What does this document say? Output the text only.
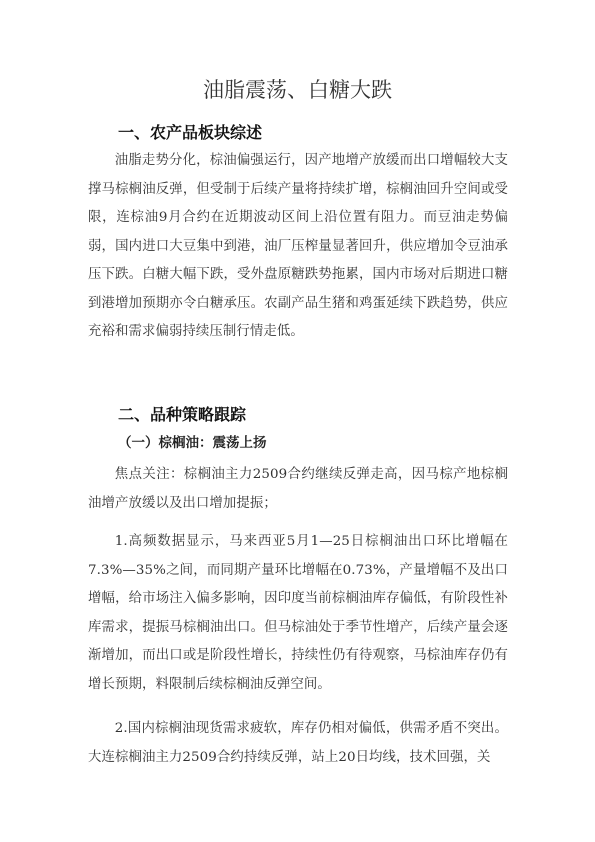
油脂震荡、白糖大跌
一、农产品板块综述

油脂走势分化，棕油偏强运行，因产地增产放缓而出口增幅较大支撑马棕榈油反弹，但受制于后续产量将持续扩增，棕榈油回升空间或受限，连棕油9月合约在近期波动区间上沿位置有阻力。而豆油走势偏弱，国内进口大豆集中到港，油厂压榨量显著回升，供应增加令豆油承压下跌。白糖大幅下跌，受外盘原糖跌势拖累，国内市场对后期进口糖到港增加预期亦令白糖承压。农副产品生猪和鸡蛋延续下跌趋势，供应充裕和需求偏弱持续压制行情走低。

二、品种策略跟踪
（一）棕榈油：震荡上扬

焦点关注：棕榈油主力2509合约继续反弹走高，因马棕产地棕榈油增产放缓以及出口增加提振；

1.高频数据显示，马来西亚5月1—25日棕榈油出口环比增幅在7.3%—35%之间，而同期产量环比增幅在0.73%，产量增幅不及出口增幅，给市场注入偏多影响，因印度当前棕榈油库存偏低，有阶段性补库需求，提振马棕榈油出口。但马棕油处于季节性增产，后续产量会逐渐增加，而出口或是阶段性增长，持续性仍有待观察，马棕油库存仍有增长预期，料限制后续棕榈油反弹空间。

2.国内棕榈油现货需求疲软，库存仍相对偏低，供需矛盾不突出。大连棕榈油主力2509合约持续反弹，站上20日均线，技术回强，关
